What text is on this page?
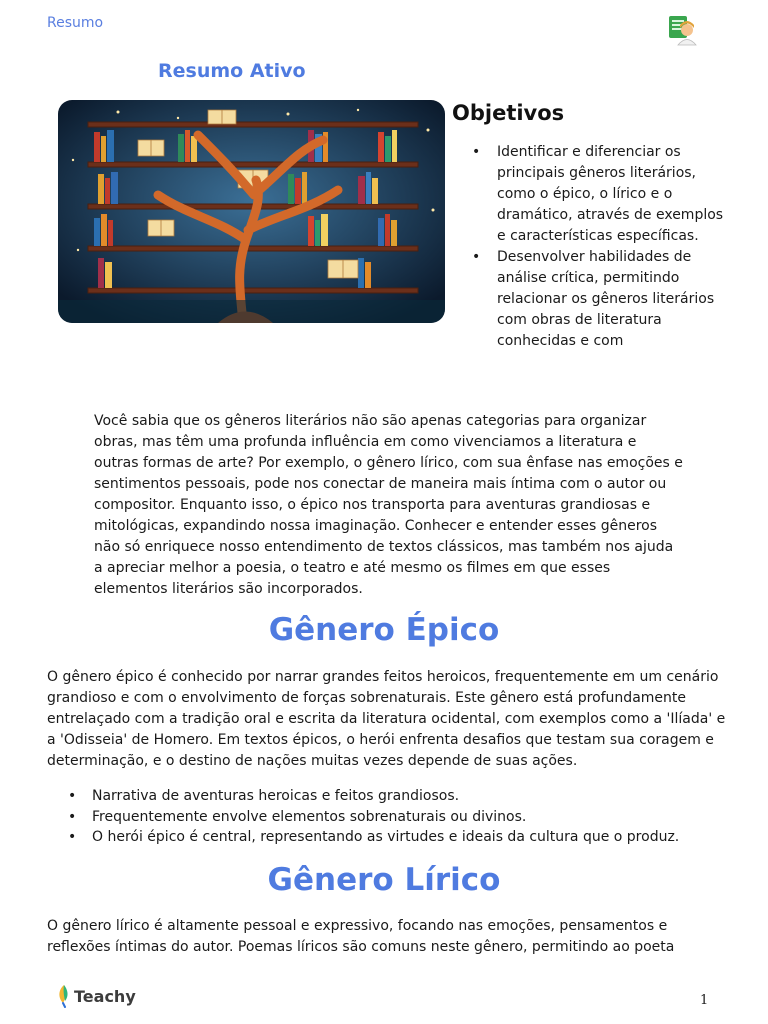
Resumo
Resumo Ativo
Objetivos
• Identificar e diferenciar os principais gêneros literários, como o épico, o lírico e o dramático, através de exemplos e características específicas.
• Desenvolver habilidades de análise crítica, permitindo relacionar os gêneros literários com obras de literatura conhecidas e com

Você sabia que os gêneros literários não são apenas categorias para organizar obras, mas têm uma profunda influência em como vivenciamos a literatura e outras formas de arte? Por exemplo, o gênero lírico, com sua ênfase nas emoções e sentimentos pessoais, pode nos conectar de maneira mais íntima com o autor ou compositor. Enquanto isso, o épico nos transporta para aventuras grandiosas e mitológicas, expandindo nossa imaginação. Conhecer e entender esses gêneros não só enriquece nosso entendimento de textos clássicos, mas também nos ajuda a apreciar melhor a poesia, o teatro e até mesmo os filmes em que esses elementos literários são incorporados.

Gênero Épico

O gênero épico é conhecido por narrar grandes feitos heroicos, frequentemente em um cenário grandioso e com o envolvimento de forças sobrenaturais. Este gênero está profundamente entrelaçado com a tradição oral e escrita da literatura ocidental, com exemplos como a 'Ilíada' e a 'Odisseia' de Homero. Em textos épicos, o herói enfrenta desafios que testam sua coragem e determinação, e o destino de nações muitas vezes depende de suas ações.

• Narrativa de aventuras heroicas e feitos grandiosos.
• Frequentemente envolve elementos sobrenaturais ou divinos.
• O herói épico é central, representando as virtudes e ideais da cultura que o produz.
Gênero Lírico

O gênero lírico é altamente pessoal e expressivo, focando nas emoções, pensamentos e reflexões íntimas do autor. Poemas líricos são comuns neste gênero, permitindo ao poeta

Teachy	1
